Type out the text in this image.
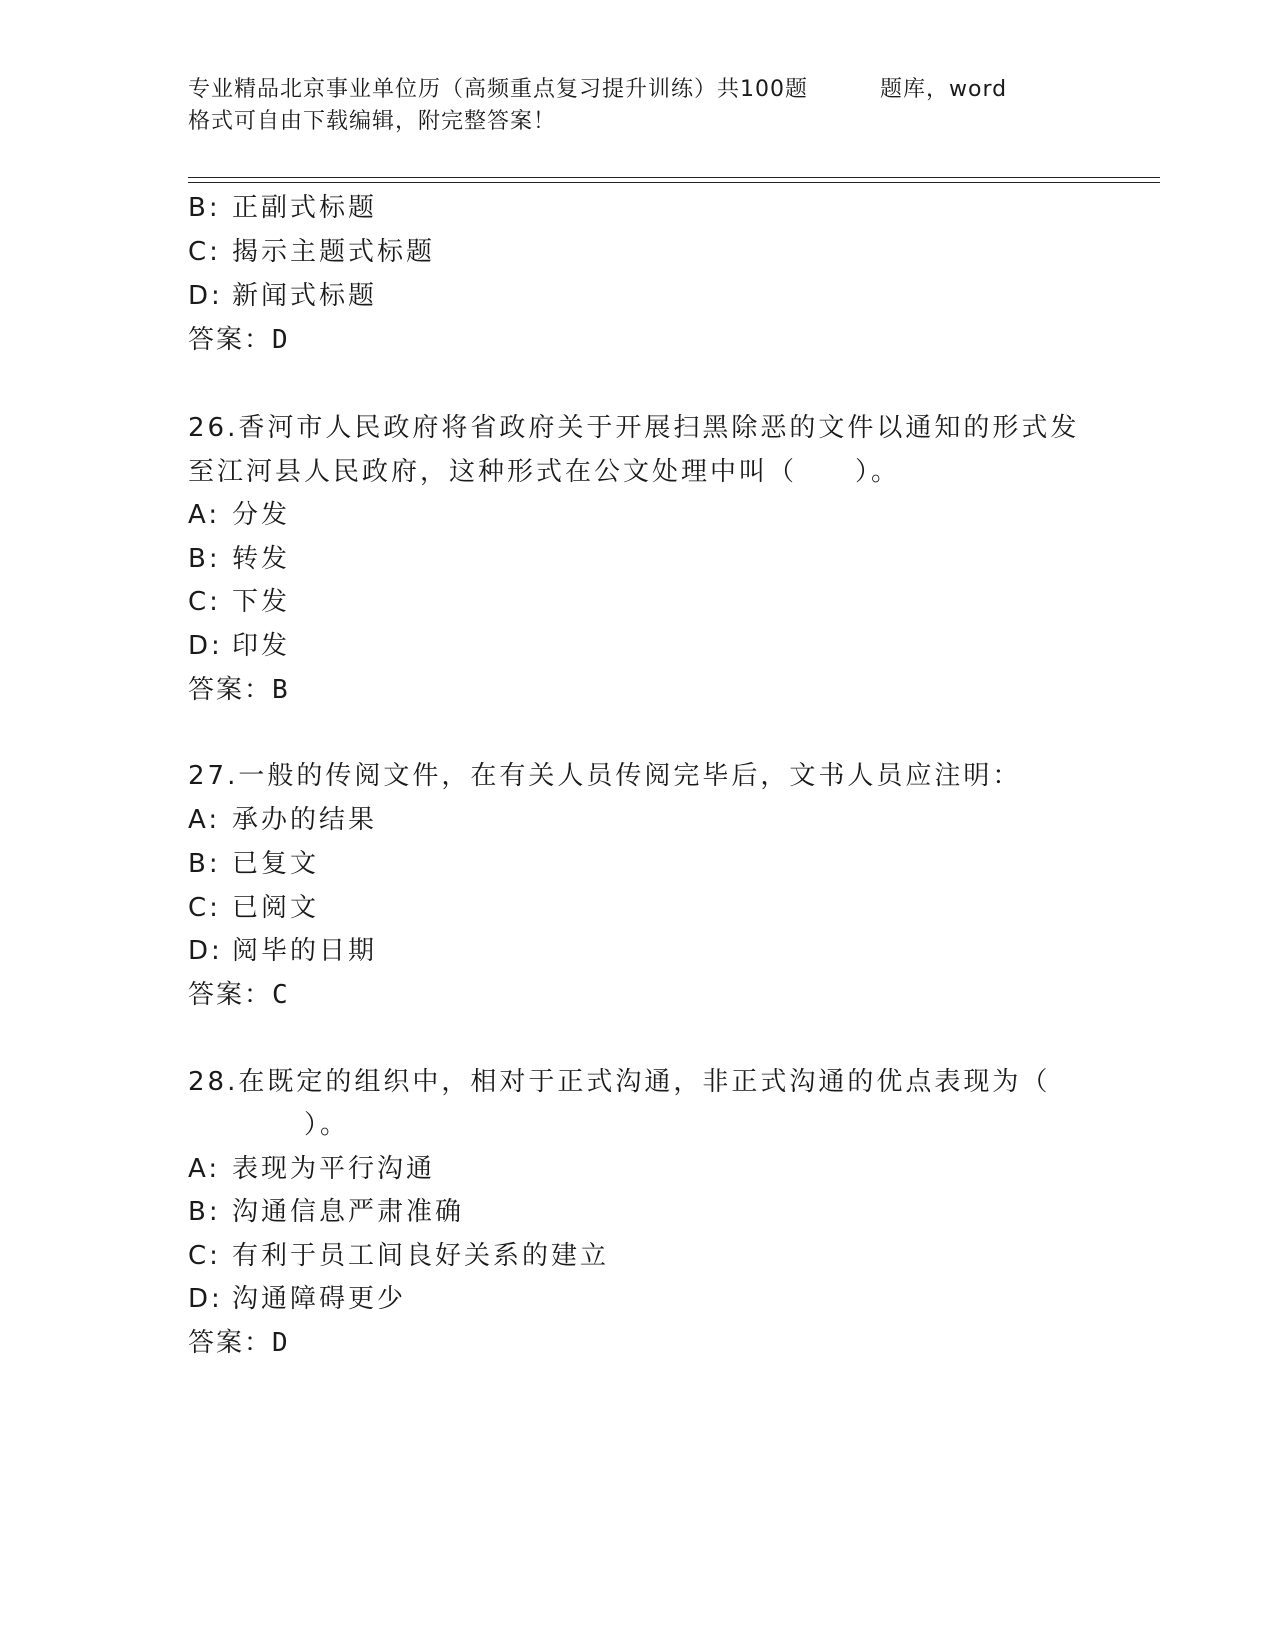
专业精品北京事业单位历（高频重点复习提升训练）共100题	题库，word
格式可自由下载编辑，附完整答案！
B: 正副式标题
C: 揭示主题式标题
D: 新闻式标题
答案：D
26.香河市人民政府将省政府关于开展扫黑除恶的文件以通知的形式发
至江河县人民政府，这种形式在公文处理中叫（　　）。
A: 分发
B: 转发
C: 下发
D: 印发
答案：B
27.一般的传阅文件，在有关人员传阅完毕后，文书人员应注明：
A: 承办的结果
B: 已复文
C: 已阅文
D: 阅毕的日期
答案：C
28.在既定的组织中，相对于正式沟通，非正式沟通的优点表现为（
　　　　）。
A: 表现为平行沟通
B: 沟通信息严肃准确
C: 有利于员工间良好关系的建立
D: 沟通障碍更少
答案：D
